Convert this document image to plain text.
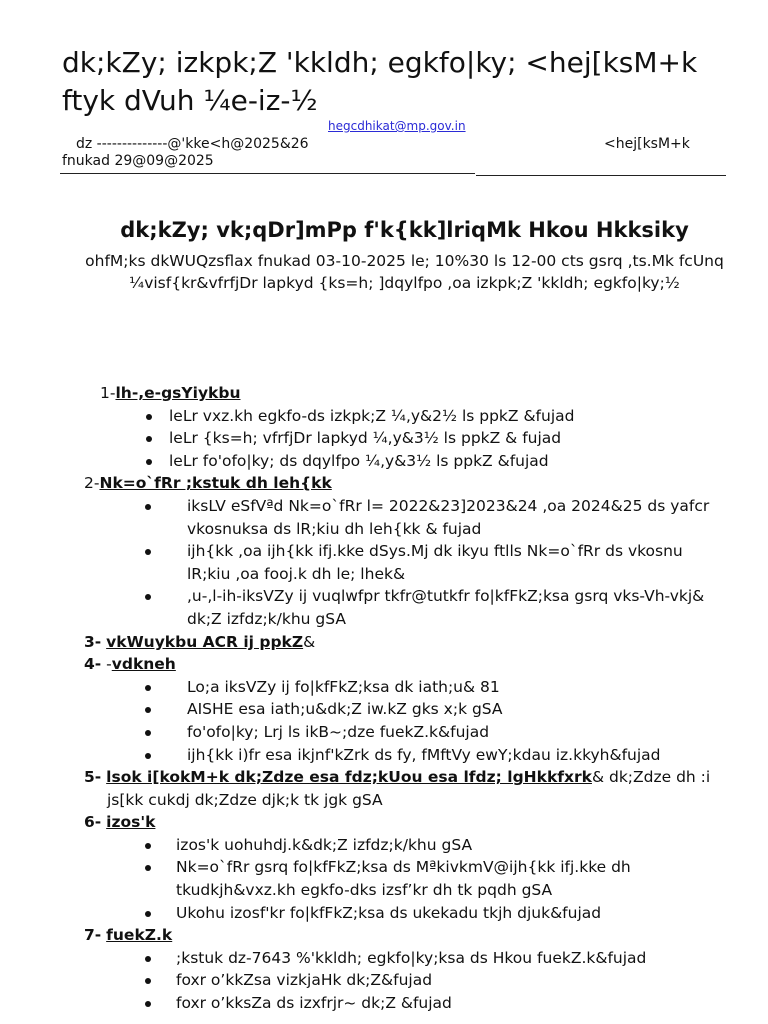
dk;kZy; izkpk;Z 'kkldh; egkfo|ky; <hej[ksM+k
ftyk dVuh ¼e-iz-½
hegcdhikat@mp.gov.in
dz --------------@'kke<h@2025&26
fnukad 29@09@2025
<hej[ksM+k
dk;kZy; vk;qDr]mPp f'k{kk]lriqMk Hkou Hkksiky
ohfM;ks dkWUQzsflax fnukad 03-10-2025 le; 10%30 ls 12-00 cts gsrq ,ts.Mk fcUnq
¼visf{kr&vfrfjDr lapkyd {ks=h; ]dqylfpo ,oa izkpk;Z 'kkldh; egkfo|ky;½
1-lh-,e-gsYiykbu
leLr vxz.kh egkfo-ds izkpk;Z ¼,y&2½ ls ppkZ &fujad
leLr {ks=h; vfrfjDr lapkyd ¼,y&3½ ls ppkZ & fujad
leLr fo'ofo|ky; ds dqylfpo ¼,y&3½ ls ppkZ &fujad
2-Nk=o`fRr ;kstuk dh leh{kk
iksLV eSfVªd Nk=o`fRr l= 2022&23]2023&24 ,oa 2024&25 ds yafcr vkosnuksa ds lR;kiu dh leh{kk & fujad
ijh{kk ,oa ijh{kk ifj.kke dSys.Mj dk ikyu ftlls Nk=o`fRr ds vkosnu lR;kiu ,oa fooj.k dh le; lhek&
,u-,l-ih-iksVZy ij vuqlwfpr tkfr@tutkfr fo|kfFkZ;ksa gsrq vks-Vh-vkj& dk;Z izfdz;k/khu gSA
3- vkWuykbu ACR ij ppkZ&
4- -vdkneh
Lo;a iksVZy ij fo|kfFkZ;ksa dk iath;u& 81
AISHE esa iath;u&dk;Z iw.kZ gks x;k gSA
fo'ofo|ky; Lrj ls ikB~;dze fuekZ.k&fujad
ijh{kk i)fr esa ikjnf'kZrk ds fy, fMftVy ewY;kdau iz.kkyh&fujad
5- lsok i[kokM+k dk;Zdze esa fdz;kUou esa lfdz; lgHkkfxrk& dk;Zdze dh :i js[kk cukdj dk;Zdze djk;k tk jgk gSA
6- izos'k
izos'k uohuhdj.k&dk;Z izfdz;k/khu gSA
Nk=o`fRr gsrq fo|kfFkZ;ksa ds MªkivkmV@ijh{kk ifj.kke dh tkudkjh&vxz.kh egkfo-dks izsf’kr dh tk pqdh gSA
Ukohu izosf'kr fo|kfFkZ;ksa ds ukekadu tkjh djuk&fujad
7- fuekZ.k
;kstuk dz-7643 %'kkldh; egkfo|ky;ksa ds Hkou fuekZ.k&fujad
foxr o’kkZsa vizkjaHk dk;Z&fujad
foxr o’kksZa ds izxfrjr~ dk;Z &fujad
